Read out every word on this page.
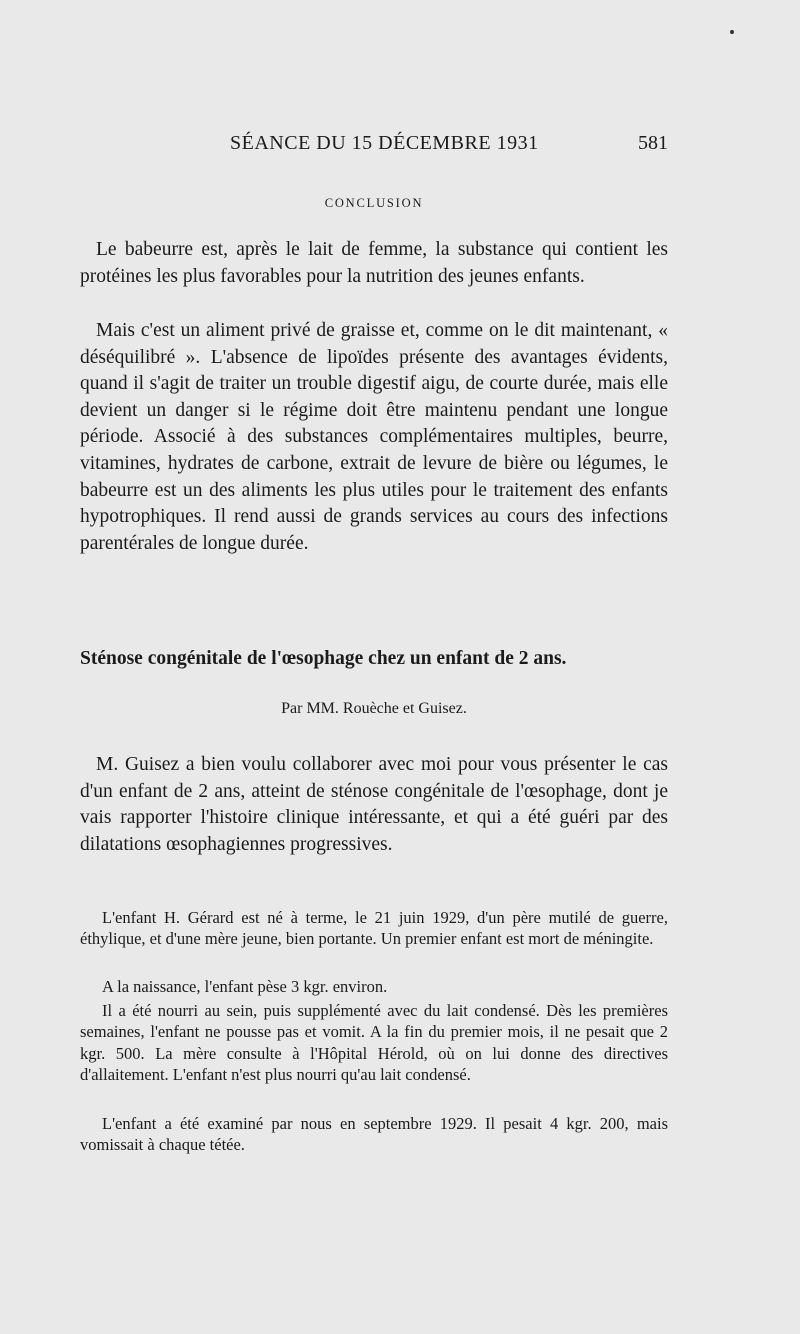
SÉANCE DU 15 DÉCEMBRE 1931	581
CONCLUSION

Le babeurre est, après le lait de femme, la substance qui contient les protéines les plus favorables pour la nutrition des jeunes enfants.

Mais c'est un aliment privé de graisse et, comme on le dit maintenant, « déséquilibré ». L'absence de lipoïdes présente des avantages évidents, quand il s'agit de traiter un trouble digestif aigu, de courte durée, mais elle devient un danger si le régime doit être maintenu pendant une longue période. Associé à des substances complémentaires multiples, beurre, vitamines, hydrates de carbone, extrait de levure de bière ou légumes, le babeurre est un des aliments les plus utiles pour le traitement des enfants hypotrophiques. Il rend aussi de grands services au cours des infections parentérales de longue durée.

Sténose congénitale de l'œsophage chez un enfant de 2 ans.
Par MM. Rouèche et Guisez.

M. Guisez a bien voulu collaborer avec moi pour vous présenter le cas d'un enfant de 2 ans, atteint de sténose congénitale de l'œsophage, dont je vais rapporter l'histoire clinique intéressante, et qui a été guéri par des dilatations œsophagiennes progressives.

L'enfant H. Gérard est né à terme, le 21 juin 1929, d'un père mutilé de guerre, éthylique, et d'une mère jeune, bien portante. Un premier enfant est mort de méningite.

A la naissance, l'enfant pèse 3 kgr. environ.

Il a été nourri au sein, puis supplémenté avec du lait condensé. Dès les premières semaines, l'enfant ne pousse pas et vomit. A la fin du premier mois, il ne pesait que 2 kgr. 500. La mère consulte à l'Hôpital Hérold, où on lui donne des directives d'allaitement. L'enfant n'est plus nourri qu'au lait condensé.

L'enfant a été examiné par nous en septembre 1929. Il pesait 4 kgr. 200, mais vomissait à chaque tétée.
